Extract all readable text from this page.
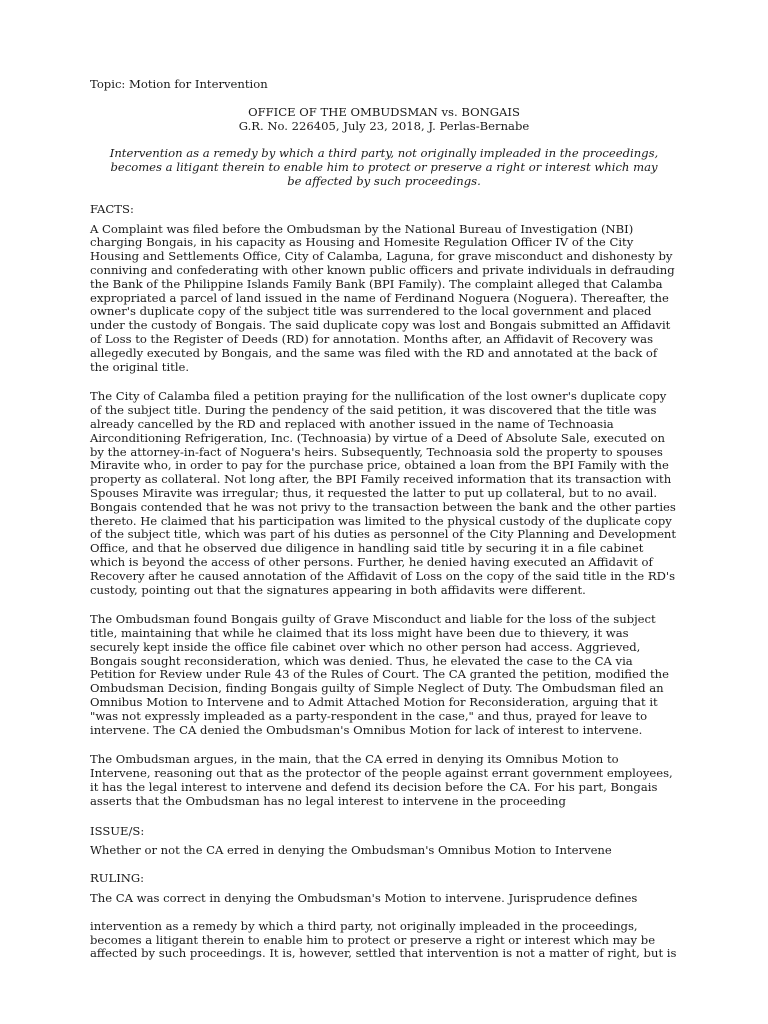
Topic: Motion for Intervention

OFFICE OF THE OMBUDSMAN vs. BONGAIS

G.R. No. 226405, July 23, 2018, J. Perlas-Bernabe

Intervention as a remedy by which a third party, not originally impleaded in the proceedings, becomes a litigant therein to enable him to protect or preserve a right or interest which may be affected by such proceedings.

FACTS:

A Complaint was filed before the Ombudsman by the National Bureau of Investigation (NBI) charging Bongais, in his capacity as Housing and Homesite Regulation Officer IV of the City Housing and Settlements Office, City of Calamba, Laguna, for grave misconduct and dishonesty by conniving and confederating with other known public officers and private individuals in defrauding the Bank of the Philippine Islands Family Bank (BPI Family). The complaint alleged that Calamba expropriated a parcel of land issued in the name of Ferdinand Noguera (Noguera). Thereafter, the owner's duplicate copy of the subject title was surrendered to the local government and placed under the custody of Bongais. The said duplicate copy was lost and Bongais submitted an Affidavit of Loss to the Register of Deeds (RD) for annotation. Months after, an Affidavit of Recovery was allegedly executed by Bongais, and the same was filed with the RD and annotated at the back of the original title.

The City of Calamba filed a petition praying for the nullification of the lost owner's duplicate copy of the subject title. During the pendency of the said petition, it was discovered that the title was already cancelled by the RD and replaced with another issued in the name of Technoasia Airconditioning Refrigeration, Inc. (Technoasia) by virtue of a Deed of Absolute Sale, executed on by the attorney-in-fact of Noguera's heirs. Subsequently, Technoasia sold the property to spouses Miravite who, in order to pay for the purchase price, obtained a loan from the BPI Family with the property as collateral. Not long after, the BPI Family received information that its transaction with Spouses Miravite was irregular; thus, it requested the latter to put up collateral, but to no avail. Bongais contended that he was not privy to the transaction between the bank and the other parties thereto. He claimed that his participation was limited to the physical custody of the duplicate copy of the subject title, which was part of his duties as personnel of the City Planning and Development Office, and that he observed due diligence in handling said title by securing it in a file cabinet which is beyond the access of other persons. Further, he denied having executed an Affidavit of Recovery after he caused annotation of the Affidavit of Loss on the copy of the said title in the RD's custody, pointing out that the signatures appearing in both affidavits were different.

The Ombudsman found Bongais guilty of Grave Misconduct and liable for the loss of the subject title, maintaining that while he claimed that its loss might have been due to thievery, it was securely kept inside the office file cabinet over which no other person had access. Aggrieved, Bongais sought reconsideration, which was denied. Thus, he elevated the case to the CA via Petition for Review under Rule 43 of the Rules of Court. The CA granted the petition, modified the Ombudsman Decision, finding Bongais guilty of Simple Neglect of Duty. The Ombudsman filed an Omnibus Motion to Intervene and to Admit Attached Motion for Reconsideration, arguing that it "was not expressly impleaded as a party-respondent in the case," and thus, prayed for leave to intervene. The CA denied the Ombudsman's Omnibus Motion for lack of interest to intervene.

The Ombudsman argues, in the main, that the CA erred in denying its Omnibus Motion to Intervene, reasoning out that as the protector of the people against errant government employees, it has the legal interest to intervene and defend its decision before the CA. For his part, Bongais asserts that the Ombudsman has no legal interest to intervene in the proceeding

ISSUE/S:

Whether or not the CA erred in denying the Ombudsman's Omnibus Motion to Intervene

RULING:

The CA was correct in denying the Ombudsman's Motion to intervene. Jurisprudence defines

intervention as a remedy by which a third party, not originally impleaded in the proceedings, becomes a litigant therein to enable him to protect or preserve a right or interest which may be affected by such proceedings. It is, however, settled that intervention is not a matter of right, but is
